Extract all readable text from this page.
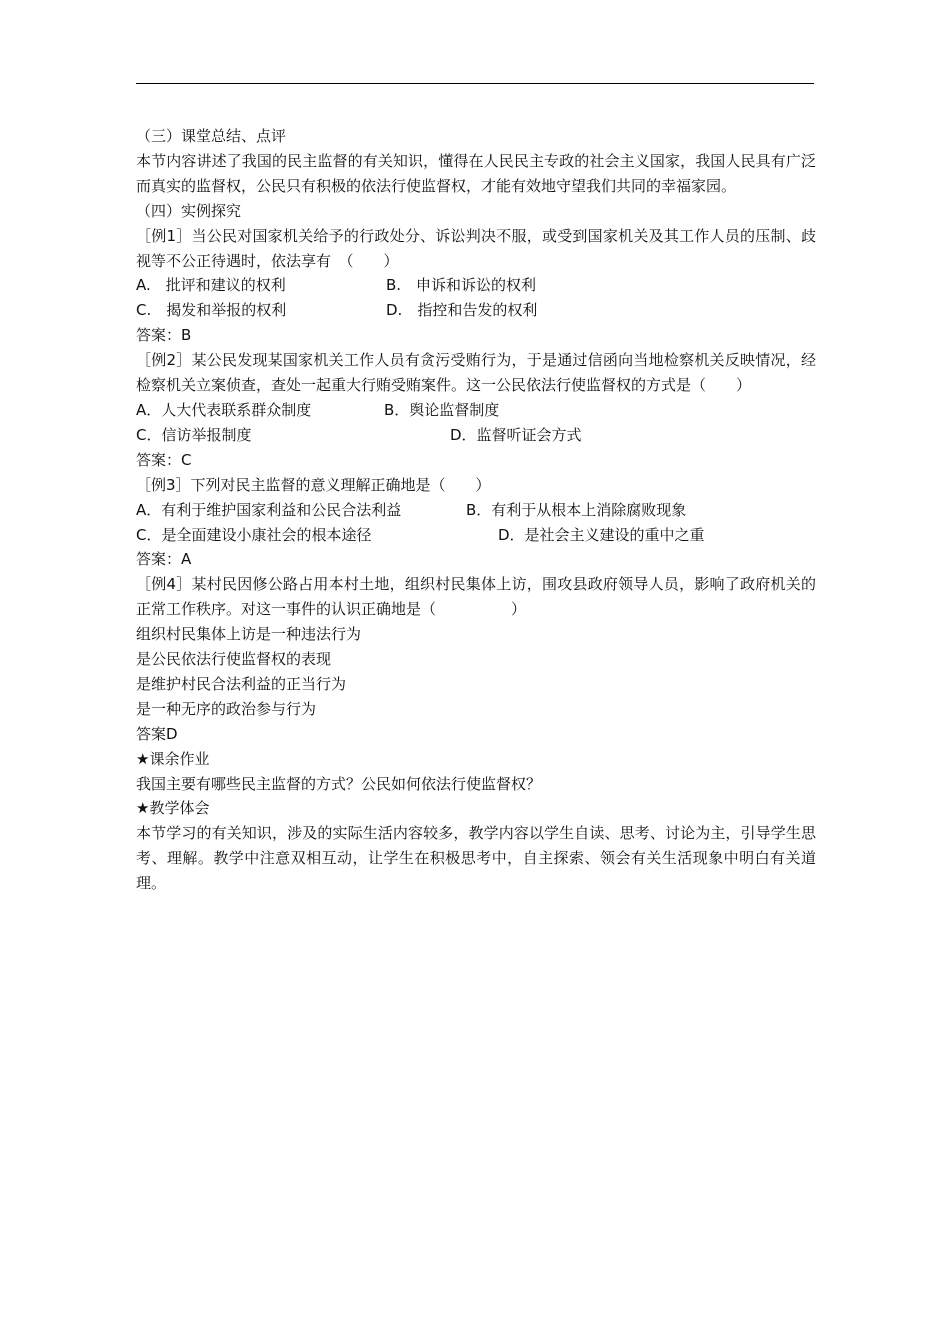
（三）课堂总结、点评

本节内容讲述了我国的民主监督的有关知识，懂得在人民民主专政的社会主义国家，我国人民具有广泛而真实的监督权，公民只有积极的依法行使监督权，才能有效地守望我们共同的幸福家园。

（四）实例探究

［例1］当公民对国家机关给予的行政处分、诉讼判决不服，或受到国家机关及其工作人员的压制、歧视等不公正待遇时，依法享有　（　　）

A.　批评和建议的权利	B.　申诉和诉讼的权利
C.　揭发和举报的权利	D.　指控和告发的权利

答案：B

［例2］某公民发现某国家机关工作人员有贪污受贿行为，于是通过信函向当地检察机关反映情况，经检察机关立案侦查，查处一起重大行贿受贿案件。这一公民依法行使监督权的方式是（　　）

A．人大代表联系群众制度	B．舆论监督制度
C．信访举报制度	D．监督听证会方式

答案：C

［例3］下列对民主监督的意义理解正确地是（　　）

A．有利于维护国家利益和公民合法利益	B．有利于从根本上消除腐败现象
C．是全面建设小康社会的根本途径	D．是社会主义建设的重中之重

答案：A

［例4］某村民因修公路占用本村土地，组织村民集体上访，围攻县政府领导人员，影响了政府机关的正常工作秩序。对这一事件的认识正确地是（　　　　　）

组织村民集体上访是一种违法行为

是公民依法行使监督权的表现

是维护村民合法利益的正当行为

是一种无序的政治参与行为

答案D

★课余作业

我国主要有哪些民主监督的方式？公民如何依法行使监督权？

★教学体会

本节学习的有关知识，涉及的实际生活内容较多，教学内容以学生自读、思考、讨论为主，引导学生思考、理解。教学中注意双相互动，让学生在积极思考中，自主探索、领会有关生活现象中明白有关道理。
